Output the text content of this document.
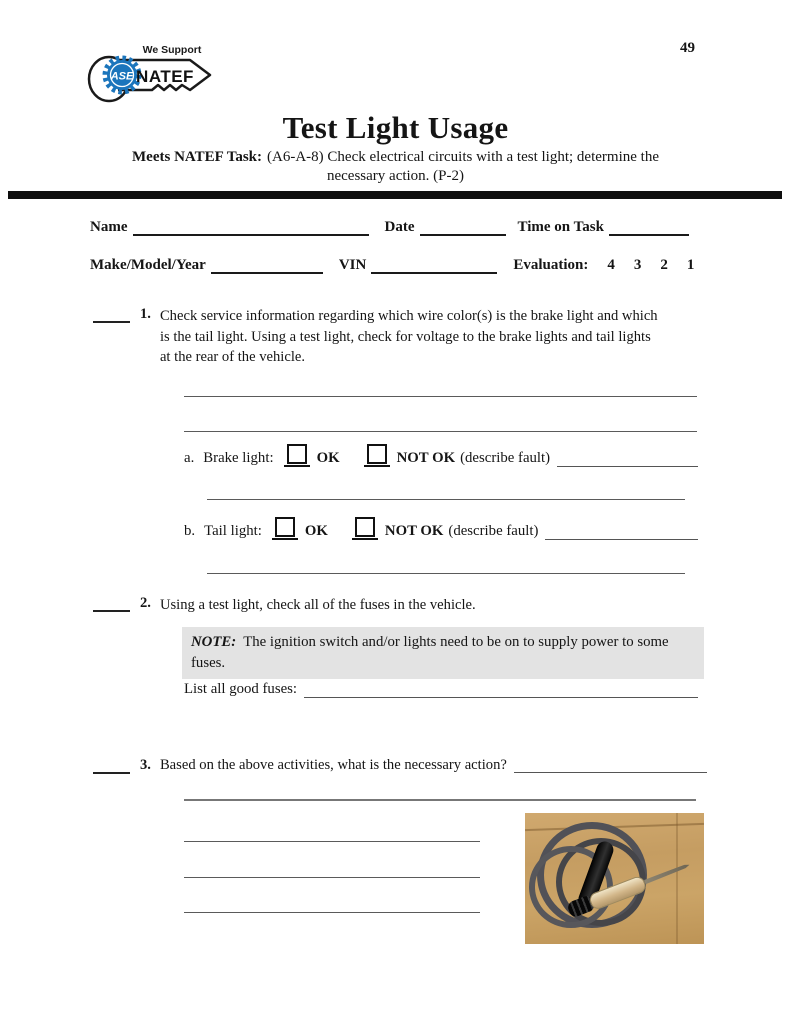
49
We Support
ASE NATEF
Test Light Usage
Meets NATEF Task: (A6-A-8) Check electrical circuits with a test light; determine the
necessary action. (P-2)
Name	Date	Time on Task
Make/Model/Year	VIN	Evaluation: 4 3 2 1
1. Check service information regarding which wire color(s) is the brake light and which
is the tail light. Using a test light, check for voltage to the brake lights and tail lights
at the rear of the vehicle.
a. Brake light:	OK	NOT OK (describe fault)
b. Tail light:	OK	NOT OK (describe fault)
2. Using a test light, check all of the fuses in the vehicle.
NOTE: The ignition switch and/or lights need to be on to supply power to some
fuses.
List all good fuses:
3. Based on the above activities, what is the necessary action?
